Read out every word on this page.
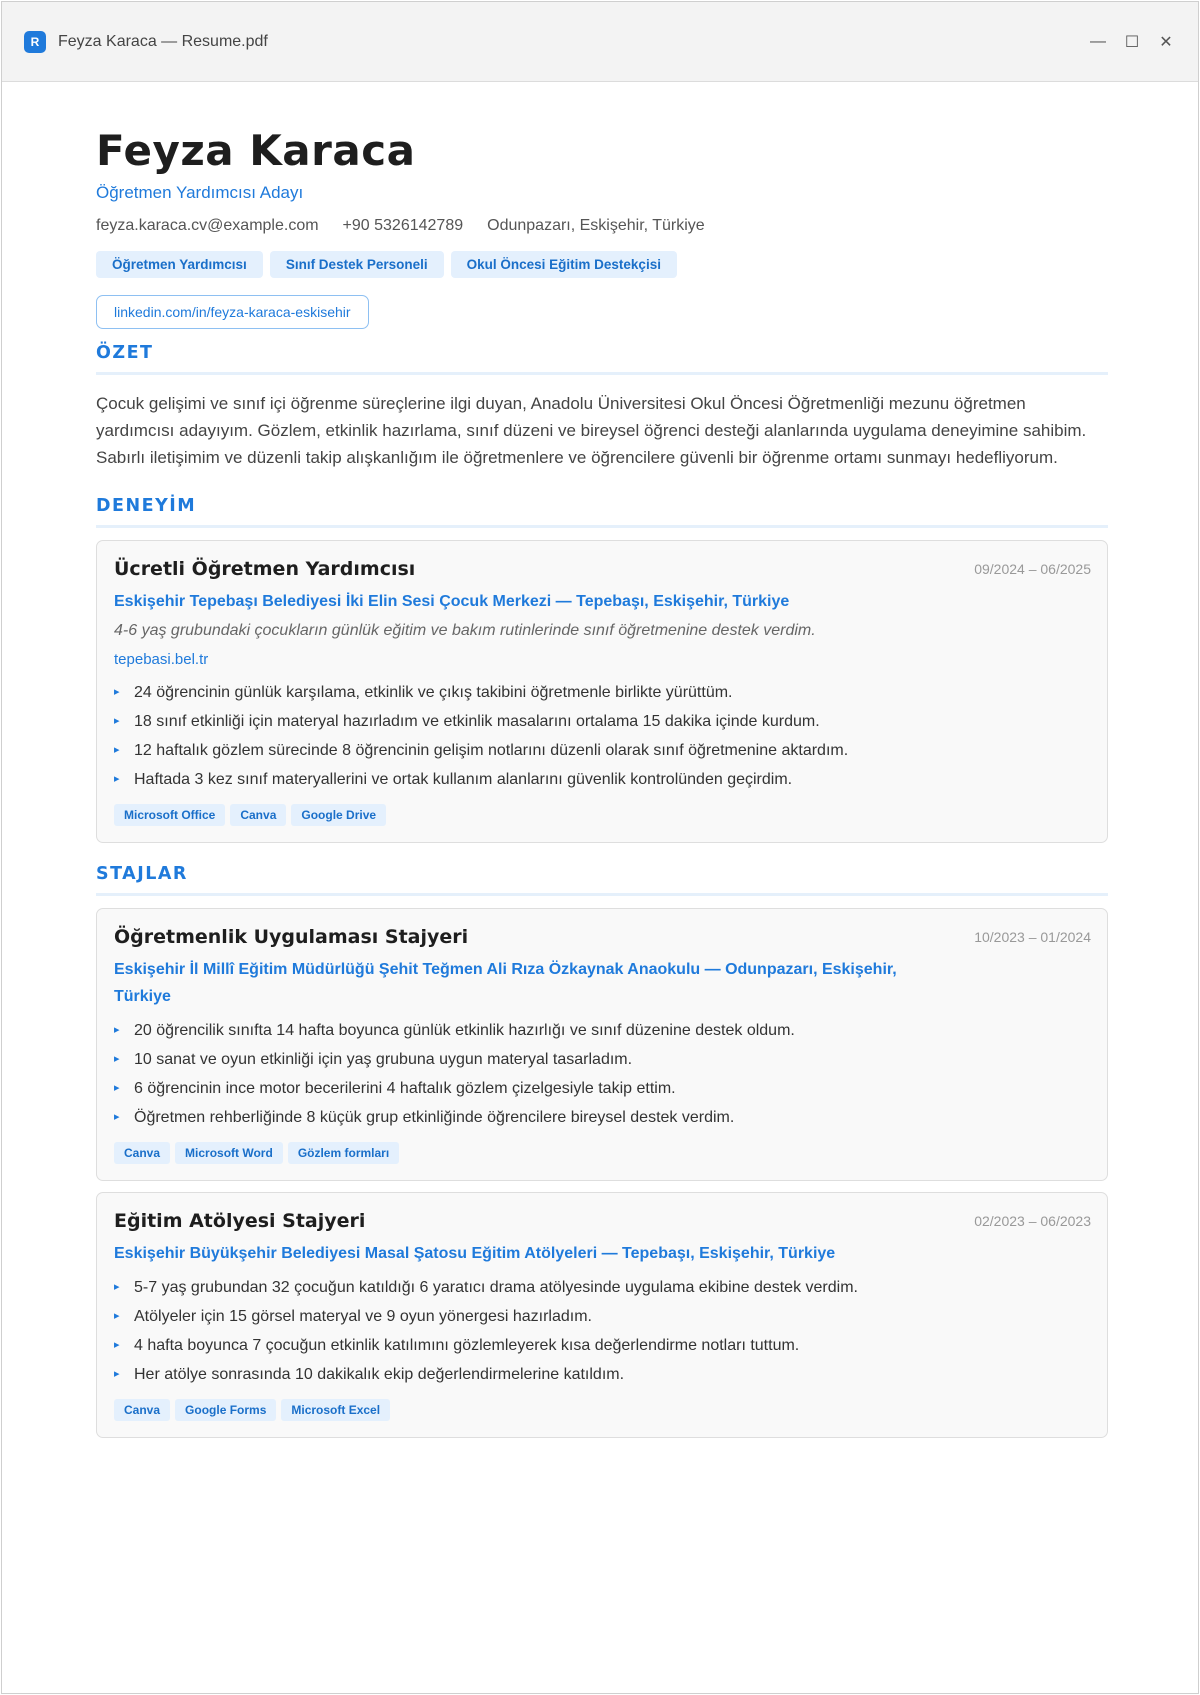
R	Feyza Karaca — Resume.pdf	— ☐ ✕
Feyza Karaca
Öğretmen Yardımcısı Adayı
feyza.karaca.cv@example.com +90 5326142789 Odunpazarı, Eskişehir, Türkiye
Öğretmen Yardımcısı	Sınıf Destek Personeli	Okul Öncesi Eğitim Destekçisi
linkedin.com/in/feyza-karaca-eskisehir
ÖZET

Çocuk gelişimi ve sınıf içi öğrenme süreçlerine ilgi duyan, Anadolu Üniversitesi Okul Öncesi Öğretmenliği mezunu öğretmen yardımcısı adayıyım. Gözlem, etkinlik hazırlama, sınıf düzeni ve bireysel öğrenci desteği alanlarında uygulama deneyimine sahibim. Sabırlı iletişimim ve düzenli takip alışkanlığım ile öğretmenlere ve öğrencilere güvenli bir öğrenme ortamı sunmayı hedefliyorum.

DENEYİM
Ücretli Öğretmen Yardımcısı	09/2024 – 06/2025
Eskişehir Tepebaşı Belediyesi İki Elin Sesi Çocuk Merkezi — Tepebaşı, Eskişehir, Türkiye
4-6 yaş grubundaki çocukların günlük eğitim ve bakım rutinlerinde sınıf öğretmenine destek verdim.
tepebasi.bel.tr
▸ 24 öğrencinin günlük karşılama, etkinlik ve çıkış takibini öğretmenle birlikte yürüttüm.
▸ 18 sınıf etkinliği için materyal hazırladım ve etkinlik masalarını ortalama 15 dakika içinde kurdum.
▸ 12 haftalık gözlem sürecinde 8 öğrencinin gelişim notlarını düzenli olarak sınıf öğretmenine aktardım.
▸ Haftada 3 kez sınıf materyallerini ve ortak kullanım alanlarını güvenlik kontrolünden geçirdim.
Microsoft Office	Canva	Google Drive
STAJLAR
Öğretmenlik Uygulaması Stajyeri	10/2023 – 01/2024
Eskişehir İl Millî Eğitim Müdürlüğü Şehit Teğmen Ali Rıza Özkaynak Anaokulu — Odunpazarı, Eskişehir, Türkiye
▸ 20 öğrencilik sınıfta 14 hafta boyunca günlük etkinlik hazırlığı ve sınıf düzenine destek oldum.
▸ 10 sanat ve oyun etkinliği için yaş grubuna uygun materyal tasarladım.
▸ 6 öğrencinin ince motor becerilerini 4 haftalık gözlem çizelgesiyle takip ettim.
▸ Öğretmen rehberliğinde 8 küçük grup etkinliğinde öğrencilere bireysel destek verdim.
Canva	Microsoft Word	Gözlem formları
Eğitim Atölyesi Stajyeri	02/2023 – 06/2023
Eskişehir Büyükşehir Belediyesi Masal Şatosu Eğitim Atölyeleri — Tepebaşı, Eskişehir, Türkiye
▸ 5-7 yaş grubundan 32 çocuğun katıldığı 6 yaratıcı drama atölyesinde uygulama ekibine destek verdim.
▸ Atölyeler için 15 görsel materyal ve 9 oyun yönergesi hazırladım.
▸ 4 hafta boyunca 7 çocuğun etkinlik katılımını gözlemleyerek kısa değerlendirme notları tuttum.
▸ Her atölye sonrasında 10 dakikalık ekip değerlendirmelerine katıldım.
Canva	Google Forms	Microsoft Excel
